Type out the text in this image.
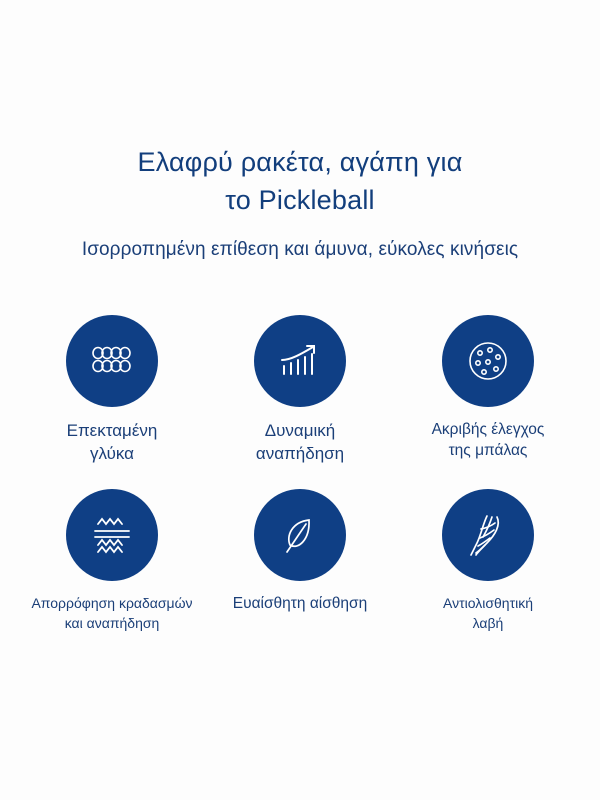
Ελαφρύ ρακέτα, αγάπη για
το Pickleball
Ισορροπημένη επίθεση και άμυνα, εύκολες κινήσεις
Επεκταμένη
γλύκα
Δυναμική
αναπήδηση
Ακριβής έλεγχος
της μπάλας
Απορρόφηση κραδασμών
και αναπήδηση
Ευαίσθητη αίσθηση	Αντιολισθητική
λαβή
